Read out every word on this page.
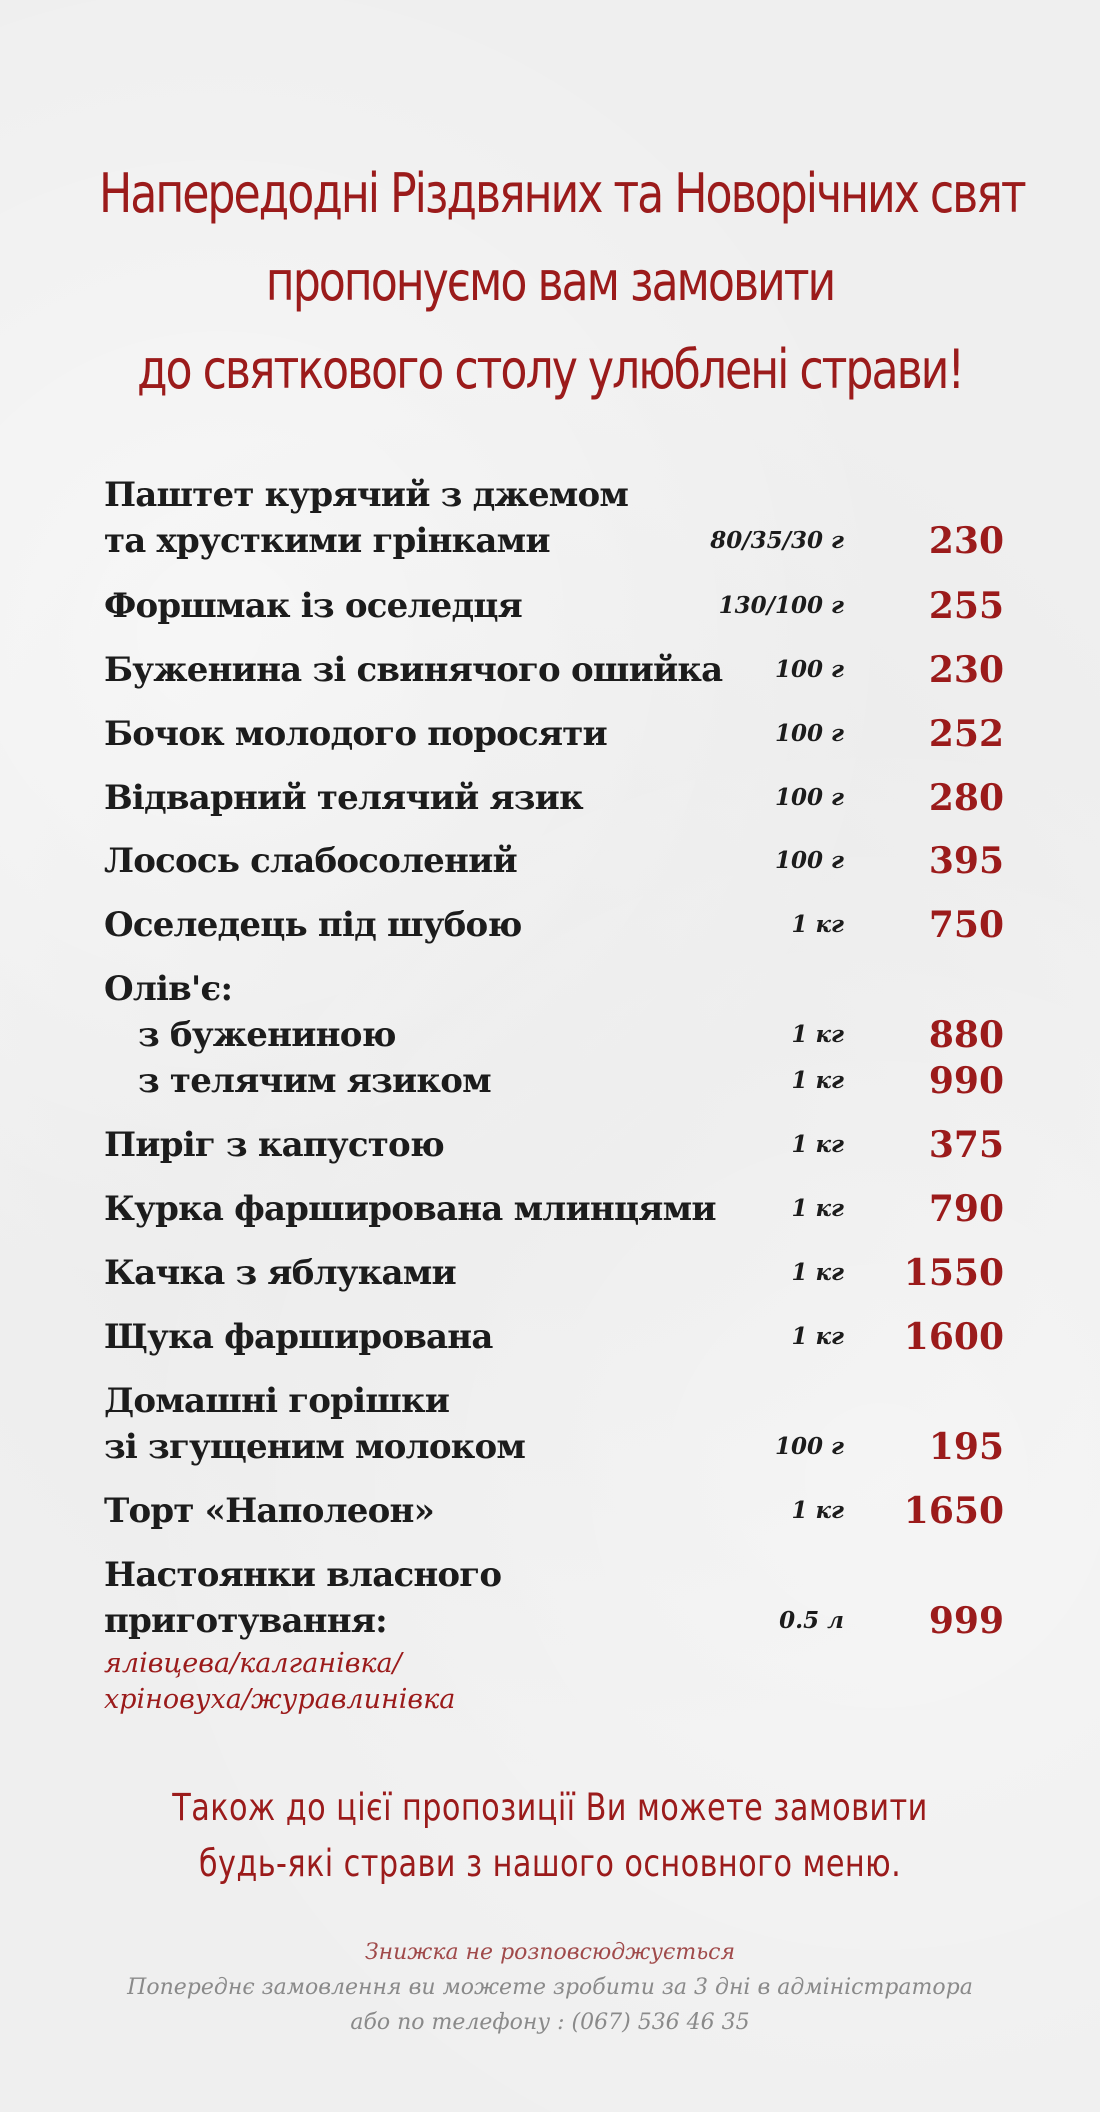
Напередодні Різдвяних та Новорічних свят
пропонуємо вам замовити
до святкового столу улюблені страви!
Паштет курячий з джемом
та хрусткими грінками	80/35/30 г 230
Форшмак із оселедця	130/100 г 255
Буженина зі свинячого ошийка 100 г 230
Бочок молодого поросяти	100 г 252
Відварний телячий язик	100 г 280
Лосось слабосолений	100 г 395
Оселедець під шубою	1 кг 750
Олів'є:
з бужениною	1 кг 880
з телячим язиком	1 кг 990
Пиріг з капустою	1 кг 375
Курка фарширована млинцями	1 кг 790
Качка з яблуками	1 кг 1550
Щука фарширована	1 кг 1600
Домашні горішки
зі згущеним молоком	100 г 195
Торт «Наполеон»	1 кг 1650
Настоянки власного
приготування:	0.5 л 999
ялівцева/калганівка/
хріновуха/журавлинівка
Також до цієї пропозиції Ви можете замовити
будь-які страви з нашого основного меню.
Знижка не розповсюджується
Попереднє замовлення ви можете зробити за 3 дні в адміністратора
або по телефону : (067) 536 46 35
